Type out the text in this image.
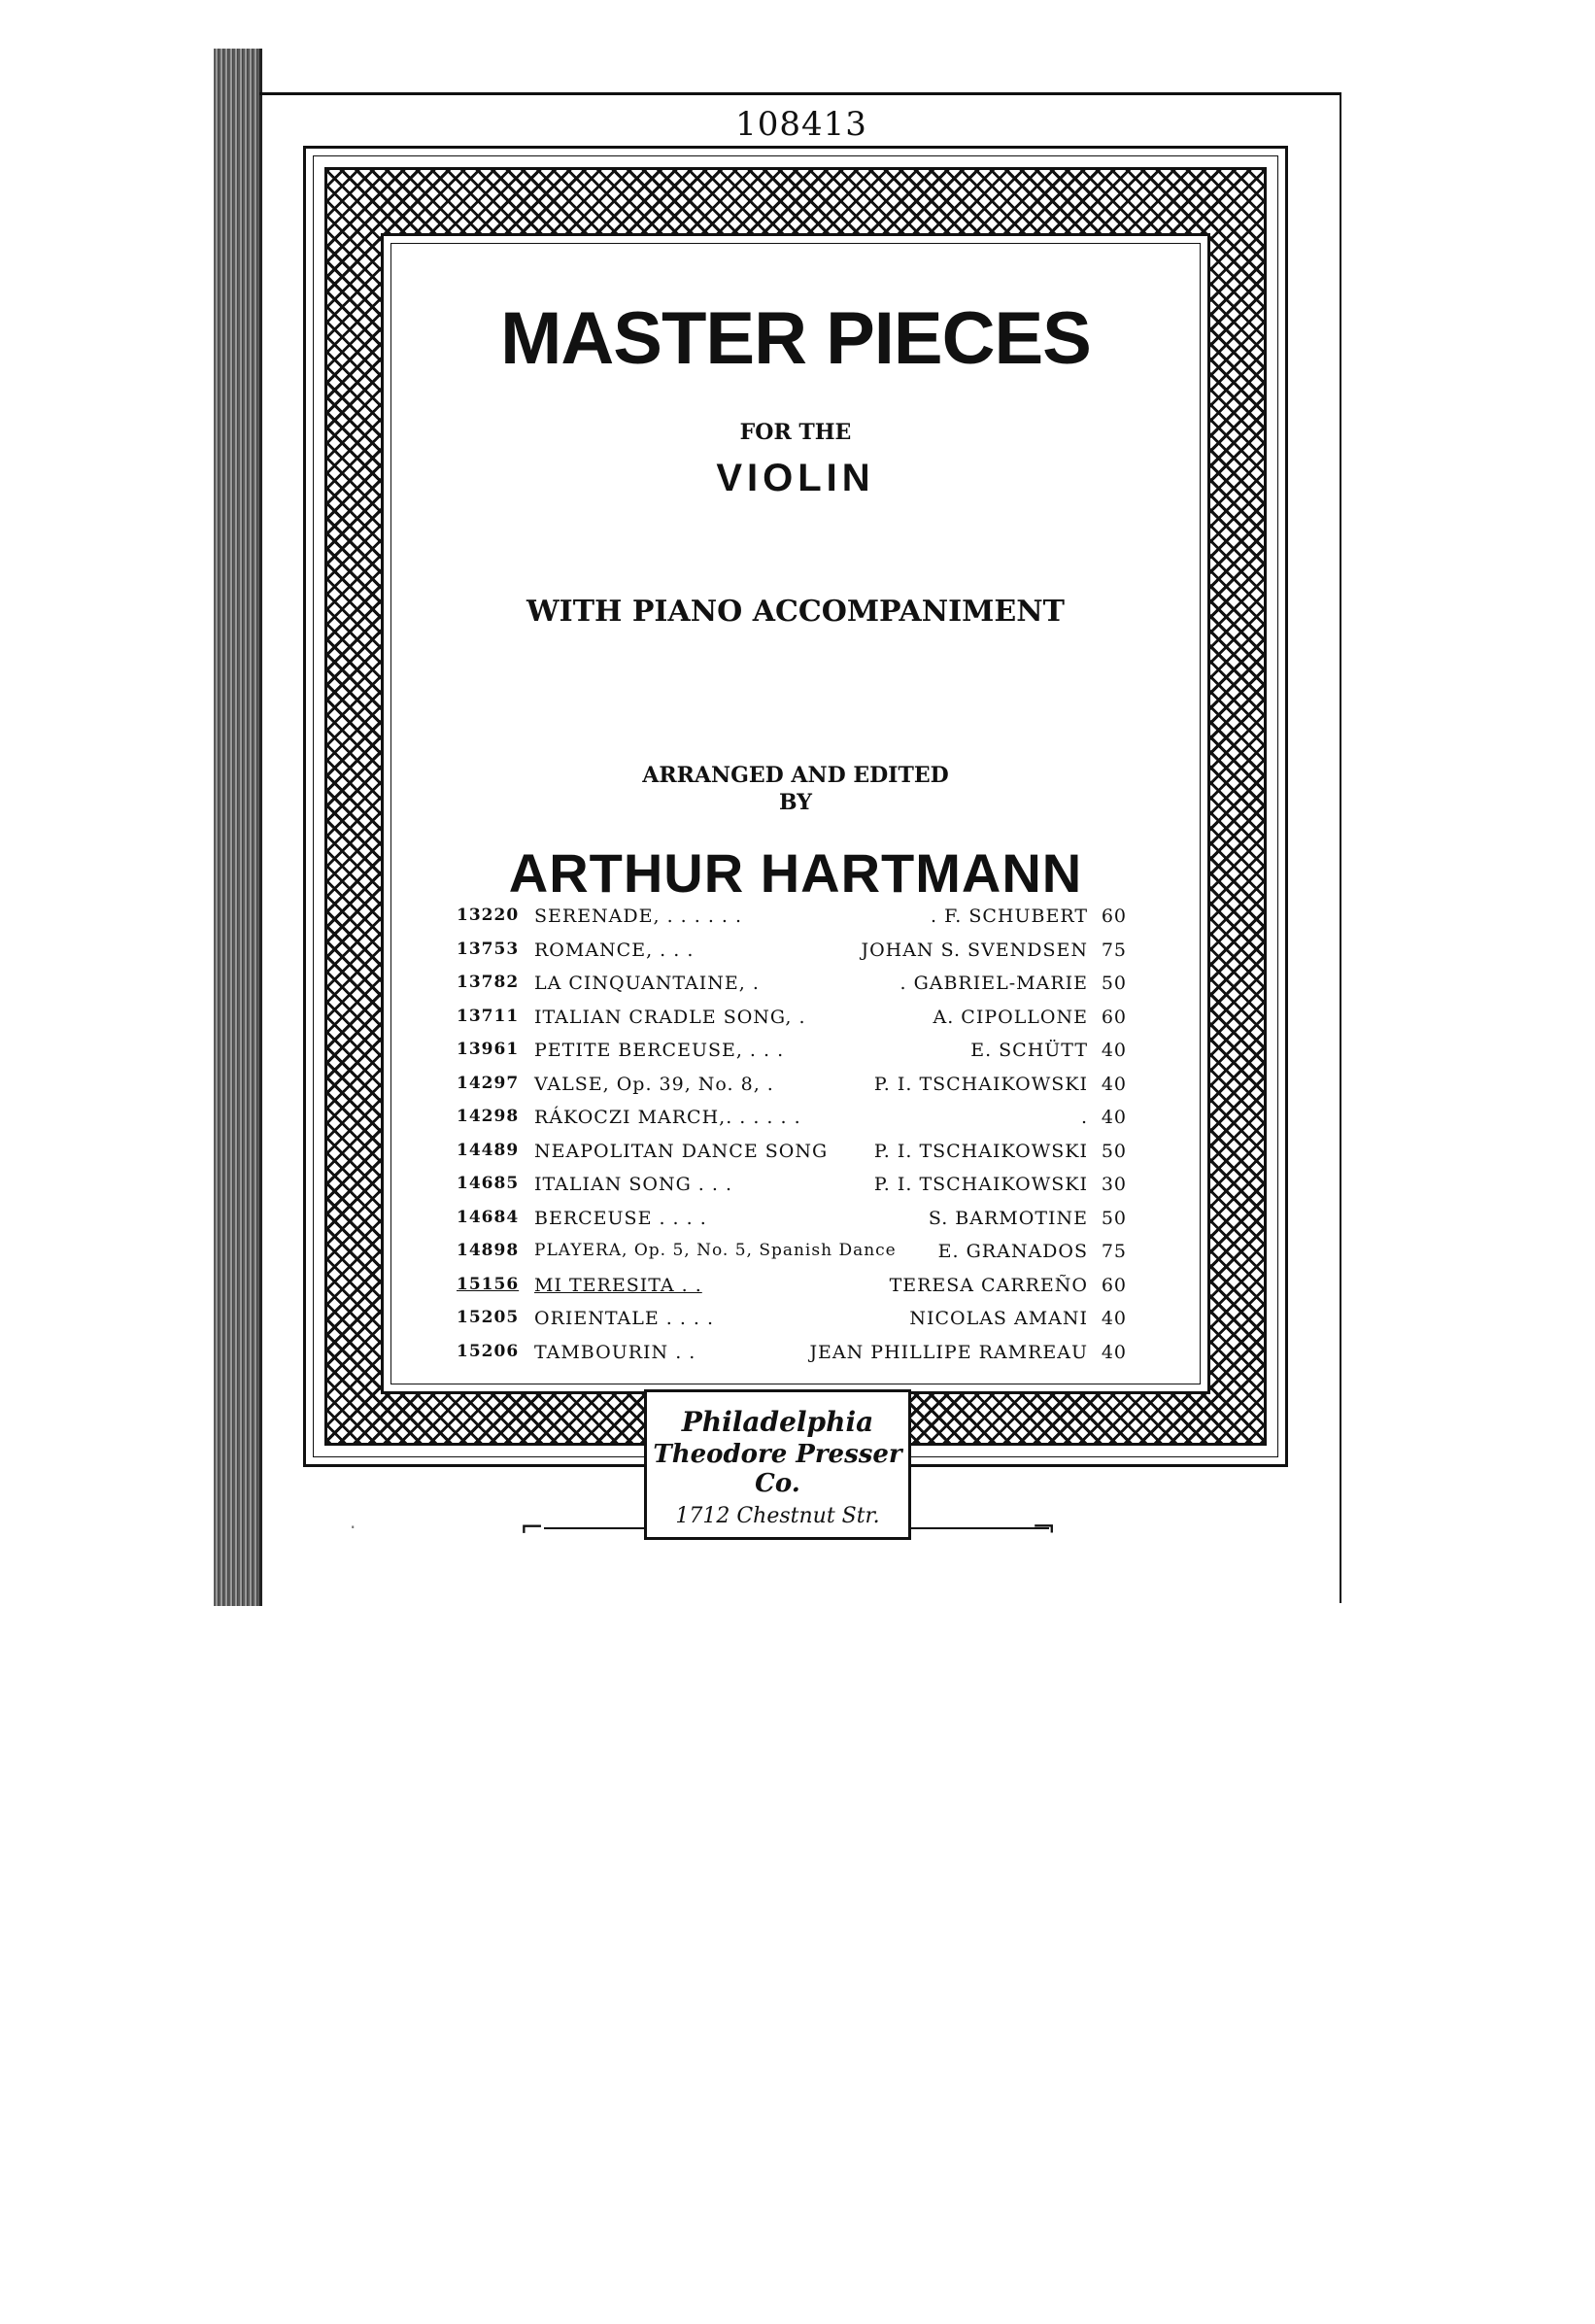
108413
MASTER PIECES
FOR THE
VIOLIN
WITH PIANO ACCOMPANIMENT
ARRANGED AND EDITED
BY
ARTHUR HARTMANN
13220 SERENADE, . . . . . .	. F. SCHUBERT 60
13753 ROMANCE, . . .	JOHAN S. SVENDSEN 75
13782 LA CINQUANTAINE, .	. GABRIEL-MARIE 50
13711 ITALIAN CRADLE SONG, .	A. CIPOLLONE 60
13961 PETITE BERCEUSE, . . .	E. SCHÜTT 40
14297 VALSE, Op. 39, No. 8, .	P. I. TSCHAIKOWSKI 40
14298 RÁKOCZI MARCH,. . . . . .	. 40
14489 NEAPOLITAN DANCE SONG	P. I. TSCHAIKOWSKI 50
14685 ITALIAN SONG . . .	P. I. TSCHAIKOWSKI 30
14684 BERCEUSE . . . .	S. BARMOTINE 50
14898 PLAYERA, Op. 5, No. 5, Spanish Dance E. GRANADOS 75
15156 MI TERESITA . .	TERESA CARREÑO 60
15205 ORIENTALE . . . .	NICOLAS AMANI 40
15206 TAMBOURIN . .	JEAN PHILLIPE RAMREAU 40
⌐	¬
‧
Philadelphia
Theodore Presser Co.
1712 Chestnut Str.
